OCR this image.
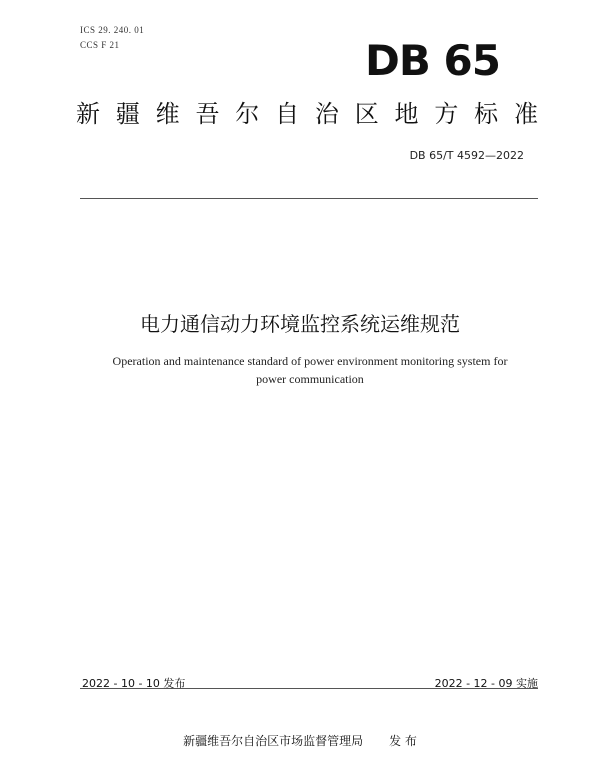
ICS 29. 240. 01
CCS F 21	DB 65
新 疆 维 吾 尔 自 治 区 地 方 标 准
DB 65/T 4592—2022
电力通信动力环境监控系统运维规范
Operation and maintenance standard of power environment monitoring system for
power communication
2022 - 10 - 10 发布	2022 - 12 - 09 实施
新疆维吾尔自治区市场监督管理局 发 布
